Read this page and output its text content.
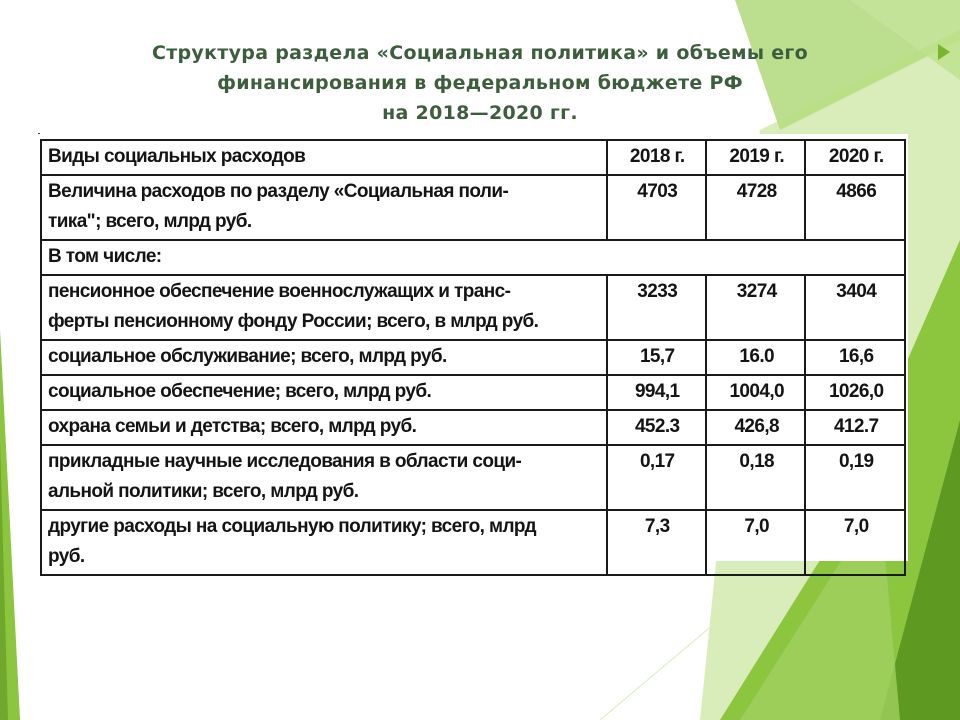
Структура раздела «Социальная политика» и объемы его
финансирования в федеральном бюджете РФ
на 2018—2020 гг.
Виды социальных расходов	2018 г.	2019 г.	2020 г.

Величина расходов по разделу «Социальная поли-
тика"; всего, млрд руб.	4703	4728	4866

В том числе:			

пенсионное обеспечение военнослужащих и транс-
ферты пенсионному фонду России; всего, в млрд руб.	3233	3274	3404

социальное обслуживание; всего, млрд руб.	15,7	16.0	16,6

социальное обеспечение; всего, млрд руб.	994,1	1004,0	1026,0

охрана семьи и детства; всего, млрд руб.	452.3	426,8	412.7

прикладные научные исследования в области соци-
альной политики; всего, млрд руб.	0,17	0,18	0,19

другие расходы на социальную политику; всего, млрд
руб.	7,3	7,0	7,0
